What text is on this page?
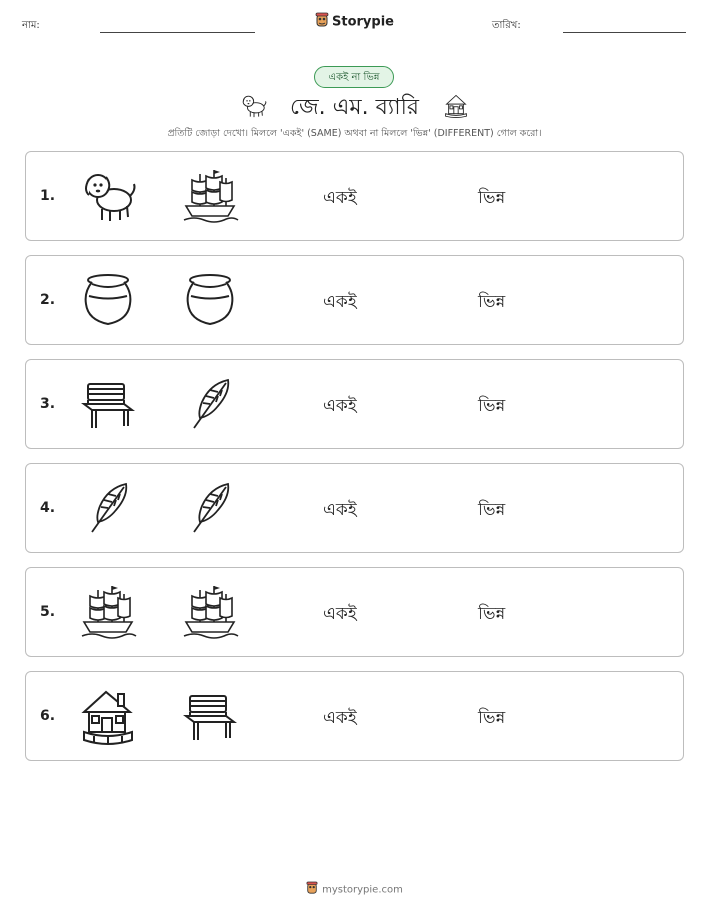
নাম:	Storypie	তারিখ:
একই না ভিন্ন
জে. এম. ব্যারি
প্রতিটি জোড়া দেখো। মিললে 'একই' (SAME) অথবা না মিললে 'ভিন্ন' (DIFFERENT) গোল করো।
1.	একই	ভিন্ন
2.	একই	ভিন্ন
3.	একই	ভিন্ন
4.	একই	ভিন্ন
5.	একই	ভিন্ন
6.	একই	ভিন্ন
mystorypie.com
